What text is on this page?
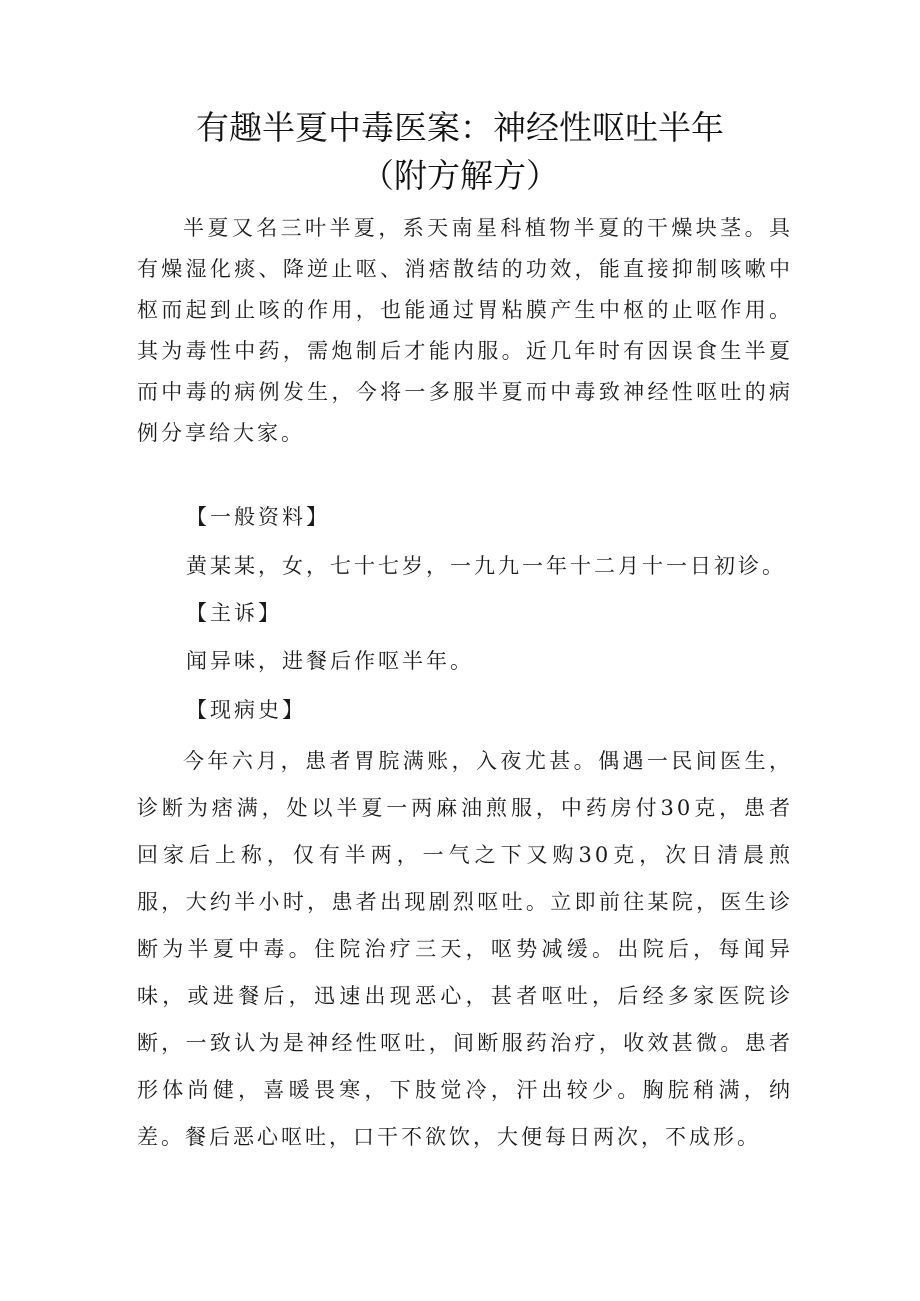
有趣半夏中毒医案：神经性呕吐半年
（附方解方）

半夏又名三叶半夏，系天南星科植物半夏的干燥块茎。具有燥湿化痰、降逆止呕、消痞散结的功效，能直接抑制咳嗽中枢而起到止咳的作用，也能通过胃粘膜产生中枢的止呕作用。其为毒性中药，需炮制后才能内服。近几年时有因误食生半夏而中毒的病例发生，今将一多服半夏而中毒致神经性呕吐的病例分享给大家。

【一般资料】

黄某某，女，七十七岁，一九九一年十二月十一日初诊。

【主诉】

闻异味，进餐后作呕半年。

【现病史】

今年六月，患者胃脘满账，入夜尤甚。偶遇一民间医生，诊断为痞满，处以半夏一两麻油煎服，中药房付30克，患者回家后上称，仅有半两，一气之下又购30克，次日清晨煎服，大约半小时，患者出现剧烈呕吐。立即前往某院，医生诊断为半夏中毒。住院治疗三天，呕势减缓。出院后，每闻异味，或进餐后，迅速出现恶心，甚者呕吐，后经多家医院诊断，一致认为是神经性呕吐，间断服药治疗，收效甚微。患者形体尚健，喜暖畏寒，下肢觉冷，汗出较少。胸脘稍满，纳差。餐后恶心呕吐，口干不欲饮，大便每日两次，不成形。
